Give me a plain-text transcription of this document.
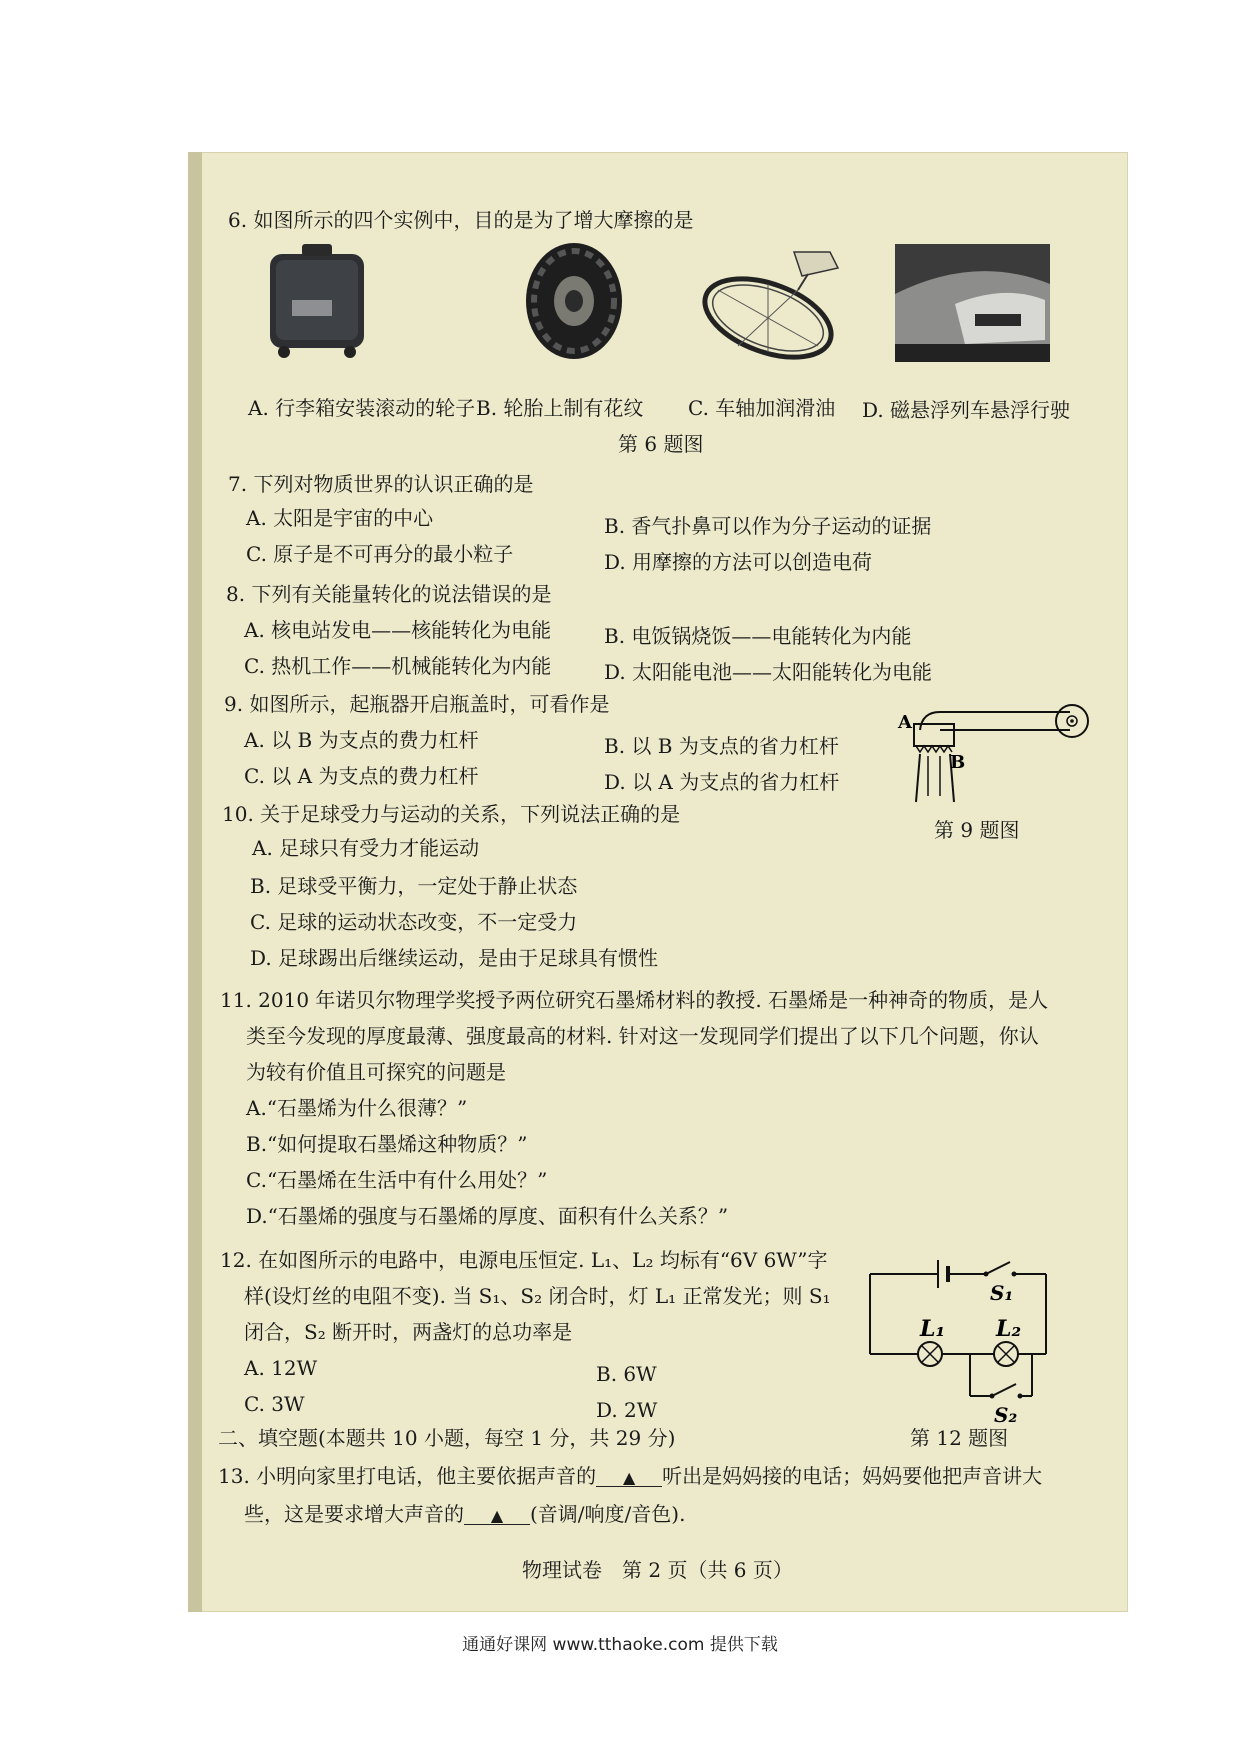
6. 如图所示的四个实例中，目的是为了增大摩擦的是
A. 行李箱安装滚动的轮子 B. 轮胎上制有花纹 C. 车轴加润滑油 D. 磁悬浮列车悬浮行驶
第 6 题图
7. 下列对物质世界的认识正确的是
A. 太阳是宇宙的中心	B. 香气扑鼻可以作为分子运动的证据
C. 原子是不可再分的最小粒子	D. 用摩擦的方法可以创造电荷
8. 下列有关能量转化的说法错误的是
A. 核电站发电——核能转化为电能	B. 电饭锅烧饭——电能转化为内能
C. 热机工作——机械能转化为内能	D. 太阳能电池——太阳能转化为电能
9. 如图所示，起瓶器开启瓶盖时，可看作是
A. 以 B 为支点的费力杠杆	B. 以 B 为支点的省力杠杆
C. 以 A 为支点的费力杠杆	D. 以 A 为支点的省力杠杆
A
B
第 9 题图
10. 关于足球受力与运动的关系，下列说法正确的是
A. 足球只有受力才能运动
B. 足球受平衡力，一定处于静止状态
C. 足球的运动状态改变，不一定受力
D. 足球踢出后继续运动，是由于足球具有惯性
11. 2010 年诺贝尔物理学奖授予两位研究石墨烯材料的教授. 石墨烯是一种神奇的物质，是人
类至今发现的厚度最薄、强度最高的材料. 针对这一发现同学们提出了以下几个问题，你认
为较有价值且可探究的问题是
A.“石墨烯为什么很薄？”
B.“如何提取石墨烯这种物质？”
C.“石墨烯在生活中有什么用处？”
D.“石墨烯的强度与石墨烯的厚度、面积有什么关系？”
12. 在如图所示的电路中，电源电压恒定. L₁、L₂ 均标有“6V 6W”字
样(设灯丝的电阻不变). 当 S₁、S₂ 闭合时，灯 L₁ 正常发光；则 S₁
闭合，S₂ 断开时，两盏灯的总功率是
A. 12W	B. 6W
C. 3W	D. 2W
S₁
L₁ L₂
S₂
第 12 题图
二、填空题(本题共 10 小题，每空 1 分，共 29 分)
13. 小明向家里打电话，他主要依据声音的 ▲ 听出是妈妈接的电话；妈妈要他把声音讲大
些，这是要求增大声音的 ▲ (音调/响度/音色).
物理试卷　第 2 页（共 6 页）
通通好课网 www.tthaoke.com 提供下载
